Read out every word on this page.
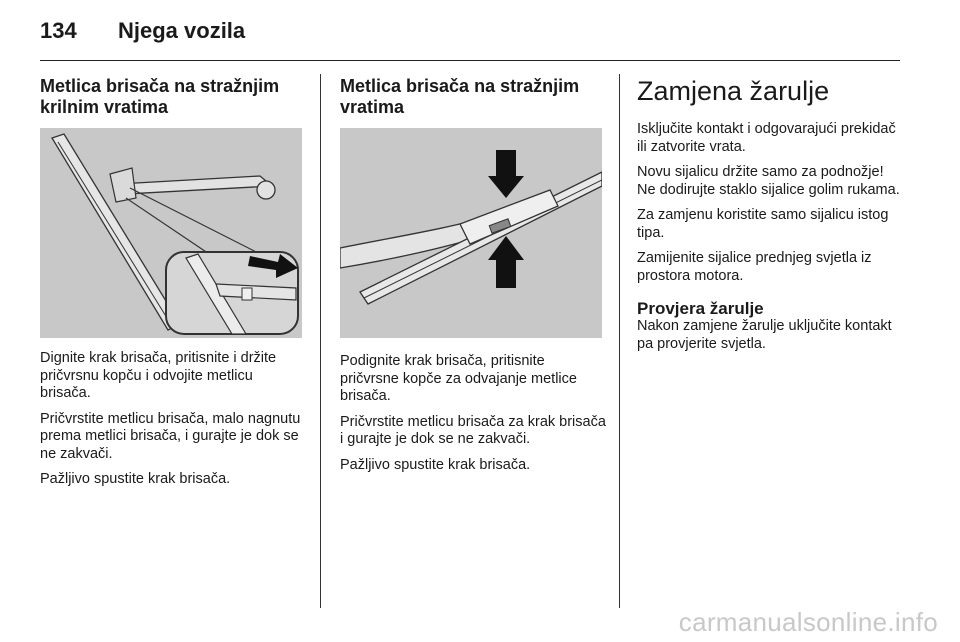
134 Njega vozila
Metlica brisača na stražnjim krilnim vratima

Dignite krak brisača, pritisnite i držite pričvrsnu kopču i odvojite metlicu brisača.

Pričvrstite metlicu brisača, malo nagnutu prema metlici brisača, i gurajte je dok se ne zakvači.

Pažljivo spustite krak brisača.

Metlica brisača na stražnjim vratima

Podignite krak brisača, pritisnite pričvrsne kopče za odvajanje metlice brisača.

Pričvrstite metlicu brisača za krak brisača i gurajte je dok se ne zakvači.

Pažljivo spustite krak brisača.

Zamjena žarulje

Isključite kontakt i odgovarajući prekidač ili zatvorite vrata.

Novu sijalicu držite samo za podnožje! Ne dodirujte staklo sijalice golim rukama.

Za zamjenu koristite samo sijalicu istog tipa.

Zamijenite sijalice prednjeg svjetla iz prostora motora.

Provjera žarulje

Nakon zamjene žarulje uključite kontakt pa provjerite svjetla.

carmanualsonline.info
